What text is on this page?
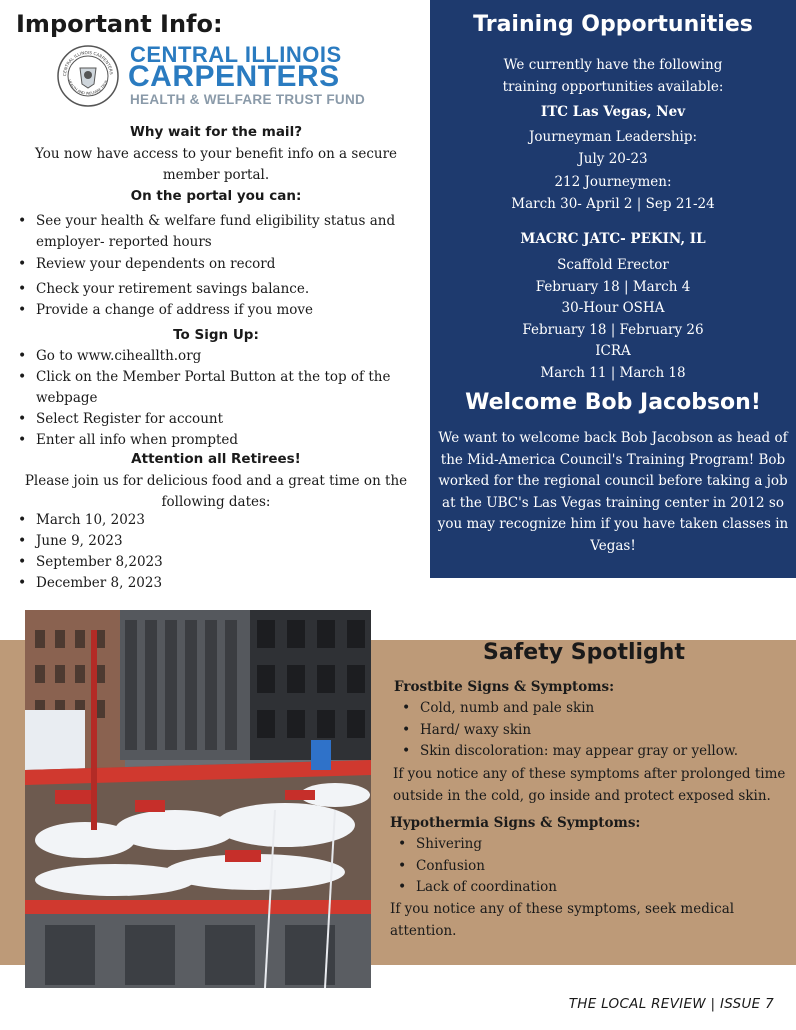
Important Info:
CENTRAL ILLINOIS CARPENTERS
HEALTH AND WELFARE TRUS
CENTRAL ILLINOIS
CARPENTERS
HEALTH & WELFARE TRUST FUND
Why wait for the mail?
You now have access to your benefit info on a secure member portal.
On the portal you can:
• See your health & welfare fund eligibility status and employer- reported hours
• Review your dependents on record
• Check your retirement savings balance.
• Provide a change of address if you move
To Sign Up:
• Go to www.ciheallth.org
• Click on the Member Portal Button at the top of the webpage
• Select Register for account
• Enter all info when prompted
Attention all Retirees!
Please join us for delicious food and a great time on the following dates:
• March 10, 2023
• June 9, 2023
• September 8,2023
• December 8, 2023
Training Opportunities
We currently have the following training opportunities available:
ITC Las Vegas, Nev
Journeyman Leadership:
July 20-23
212 Journeymen:
March 30- April 2 | Sep 21-24
MACRC JATC- PEKIN, IL
Scaffold Erector
February 18 | March 4
30-Hour OSHA
February 18 | February 26
ICRA
March 11 | March 18
Welcome Bob Jacobson!
We want to welcome back Bob Jacobson as head of the Mid-America Council's Training Program! Bob worked for the regional council before taking a job at the UBC's Las Vegas training center in 2012 so you may recognize him if you have taken classes in Vegas!
Safety Spotlight
Frostbite Signs & Symptoms:
• Cold, numb and pale skin
• Hard/ waxy skin
• Skin discoloration: may appear gray or yellow.
If you notice any of these symptoms after prolonged time outside in the cold, go inside and protect exposed skin.
Hypothermia Signs & Symptoms:
• Shivering
• Confusion
• Lack of coordination
If you notice any of these symptoms, seek medical attention.
THE LOCAL REVIEW | ISSUE 7
